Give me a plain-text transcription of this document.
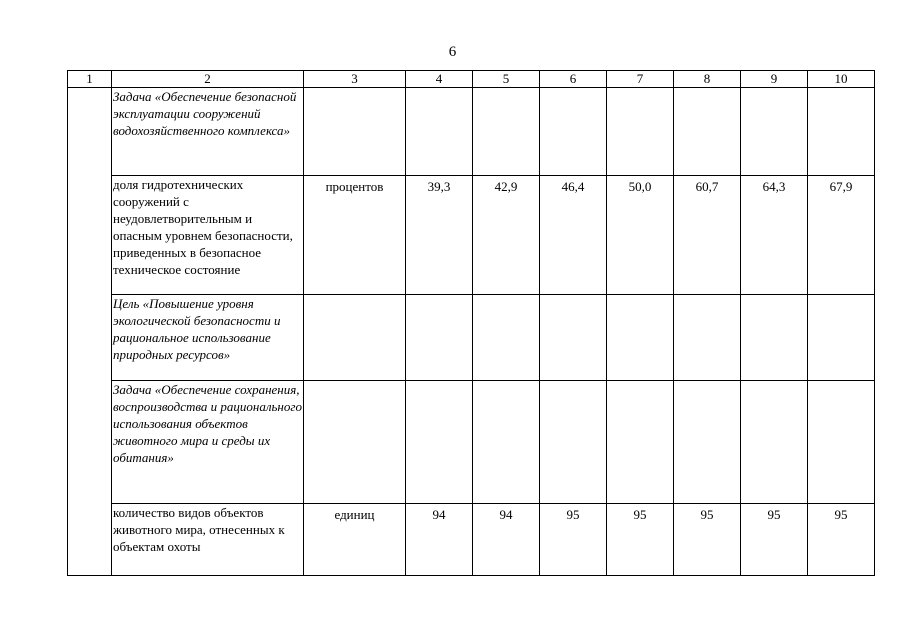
6
1	2	3	4	5	6	7	8	9	10
	Задача «Обеспечение безопасной эксплуатации сооружений водохозяйственного комплекса»								
	доля гидротехнических сооружений с неудовлетворительным и опасным уровнем безопасности, приведенных в безопасное техническое состояние	процентов	39,3	42,9	46,4	50,0	60,7	64,3	67,9
	Цель «Повышение уровня экологической безопасности и рациональное использование природных ресурсов»								
	Задача «Обеспечение сохранения, воспроизводства и рационального использования объектов животного мира и среды их обитания»								
	количество видов объектов животного мира, отнесенных к объектам охоты	единиц	94	94	95	95	95	95	95
